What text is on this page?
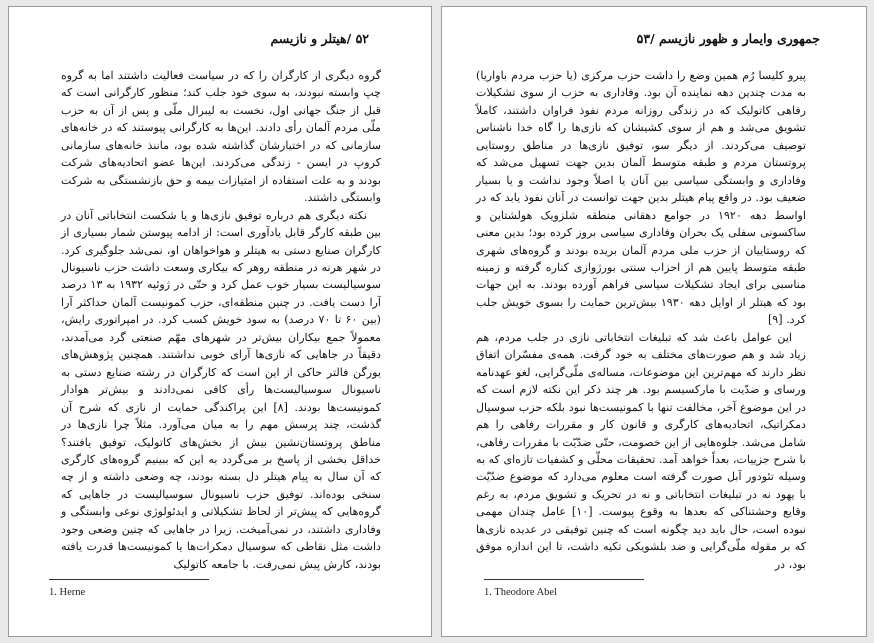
۵۲ /هیتلر و نازیسم

گروه دیگری از کارگران را که در سیاست فعالیت داشتند اما به گروه چپ وابسته نبودند، به سوی خود جلب کند؛ منظور کارگرانی است که قبل از جنگ جهانی اول، نخست به لیبرال ملّی و پس از آن به حزب ملّی مردم آلمان رأی دادند. این‌ها به کارگرانی پیوستند که در خانه‌های سازمانی که در اختیارشان گذاشته شده بود، ماننذ خانه‌های سازمانی کروپ در ایسن - زندگی می‌کردند. این‌ها عضو اتحادیه‌های شرکت بودند و به علت استفاده از امتیازات بیمه و حق بازنشستگی به شرکت وابستگی داشتند.

نکته دیگری هم درباره توفیق نازی‌ها و یا شکست انتخاباتی آنان در بین طبقه کارگر قابل یادآوری است: از ادامه پیوستن شمار بسیاری از کارگران صنایع دستی به هیتلر و هواخواهان او، نمی‌شد جلوگیری کرد. در شهر هرنه در منطقه روهر که بیکاری وسعت داشت حزب ناسیونال سوسیالیست بسیار خوب عمل کرد و حتّی در ژوئیه ۱۹۳۲ به ۱۳ درصد آرا دست یافت. در چنین منطقه‌ای، حزب کمونیست آلمان حداکثر آرا (بین ۶۰ تا ۷۰ درصد) به سود خویش کسب کرد. در امپراتوری رایش، معمولاً جمع بیکاران بیش‌تر در شهرهای مهّم صنعتی گرد می‌آمدند، دقیقاً در جاهایی که نازی‌ها آرای خوبی نداشتند. همچنین پژوهش‌های یورگن فالتر حاکی از این است که کارگران در رشته صنایع دستی به ناسیونال سوسیالیست‌ها رأی کافی نمی‌دادند و بیش‌تر هوادار کمونیست‌ها بودند. [۸] این پراکندگی حمایت از نازی که شرح آن گذشت، چند پرسش مهم را به میان می‌آورد. مثلاً چرا نازی‌ها در مناطق پروتستان‌نشین بیش از بخش‌های کاتولیک، توفیق یافتند؟ خداقل بخشی از پاسخ بر می‌گردد به این که ببینیم گروه‌های کارگری که آن سال به پیام هیتلر دل بسته بودند، چه وضعی داشته و از چه سنخی بوده‌اند. توفیق حزب ناسیونال سوسیالیست در جاهایی که گروه‌هایی که پیش‌تر از لحاظ تشکیلاتی و ایدئولوژی نوعی وابستگی و وفاداری داشتند، در نمی‌آمیخت. زیرا در جاهایی که چنین وضعی وجود داشت مثل نقاطی که سوسیال دمکرات‌ها یا کمونیست‌ها قدرت یافته بودند، کارش پیش نمی‌رفت. با جامعه کاتولیک

1. Herne
جمهوری وایمار و ظهور نازیسم /۵۳

پیرو کلیسا رُم همین وضع را داشت حزب مرکزی (یا حزب مردم باواریا) به مدت چندین دهه نماینده آن بود. وفاداری به حزب از سوی تشکیلات رفاهی کاتولیک که در زندگی روزانه مردم نفوذ فراوان داشتند، کاملاً تشویق می‌شد و هم از سوی کشیشان که نازی‌ها را گاه خدا ناشناس توصیف می‌کردند. از دیگر سو، توفیق نازی‌ها در مناطق روستایی پروتستان مردم و طبقه متوسط آلمان بدین جهت تسهیل می‌شد که وفاداری و وابستگی سیاسی بین آنان یا اصلاً وجود نداشت و یا بسیار ضعیف بود. در واقع پیام هیتلر بدین جهت توانست در آنان نفوذ یابد که در اواسط دهه ۱۹۲۰ در جوامع دهقانی منطقه شلزویک هولشتاین و ساکسونی سفلی یک بحران وفاداری سیاسی بروز کرده بود؛ بدین معنی که روستاییان از حزب ملی مردم آلمان بریده بودند و گروه‌های شهری طبقه متوسط پایین هم از احزاب سنتی بورژوازی کناره گرفته و زمینه مناسبی برای ایجاد تشکیلات سیاسی فراهم آورده بودند. به این جهات بود که هیتلر از اوایل دهه ۱۹۳۰ بیش‌ترین حمایت را بسوی خویش جلب کرد. [۹]

این عوامل باعث شد که تبلیغات انتخاباتی نازی در جلب مردم، هم زیاد شد و هم صورت‌های مختلف به خود گرفت. همه‌ی مفسّران اتفاق نظر دارند که مهم‌ترین این موضوعات، مساله‌ی ملّی‌گرایی، لغو عهدنامه ورسای و ضدّیت با مارکسیسم بود. هر چند ذکر این نکته لازم است که در این موضوع آخر، مخالفت تنها با کمونیست‌ها نبود بلکه حزب سوسیال دمکراتیک، اتحادیه‌های کارگری و قانون کار و مقررات رفاهی را هم شامل می‌شد. جلوه‌هایی از این خصومت، حتّی ضدّیّت با مقررات رفاهی، با شرح جزییات، بعداً خواهد آمد. تحقیقات محلّی و کشفیات تازه‌ای که به وسیله تئودور آبل صورت گرفته است معلوم می‌دارد که موضوع ضدّیّت با یهود نه در تبلیغات انتخاباتی و نه در تحریک و تشویق مردم، به رغم وقایع وحشتناکی که بعدها به وقوع پیوست. [۱۰] عامل چندان مهمی نبوده است، حال باید دید چگونه است که چنین توفیقی در عدیده نازی‌ها که بر مقوله ملّی‌گرایی و ضد بلشویکی تکیه داشت، تا این اندازه موفق بود، در

1. Theodore Abel
